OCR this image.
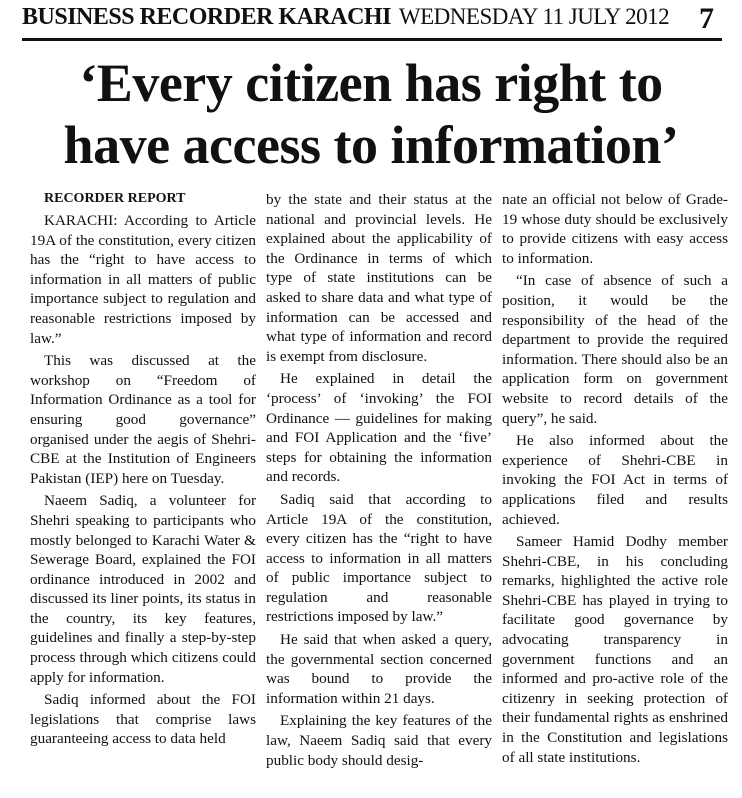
BUSINESS RECORDER KARACHI WEDNESDAY 11 JULY 2012 7
‘Every citizen has right to
have access to information’

RECORDER REPORT

KARACHI: According to Article 19A of the constitution, every citizen has the “right to have access to information in all matters of public importance subject to regulation and reasonable restrictions imposed by law.”

This was discussed at the workshop on “Freedom of Information Ordinance as a tool for ensuring good governance” organised under the aegis of Shehri-CBE at the Institution of Engineers Pakistan (IEP) here on Tuesday.

Naeem Sadiq, a volunteer for Shehri speaking to participants who mostly belonged to Karachi Water & Sewerage Board, explained the FOI ordinance introduced in 2002 and discussed its liner points, its status in the country, its key features, guidelines and finally a step-by-step process through which citizens could apply for information.

Sadiq informed about the FOI legislations that comprise laws guaranteeing access to data held

by the state and their status at the national and provincial levels. He explained about the applicability of the Ordinance in terms of which type of state institutions can be asked to share data and what type of information can be accessed and what type of information and record is exempt from disclosure.

He explained in detail the ‘process’ of ‘invoking’ the FOI Ordinance — guidelines for making and FOI Application and the ‘five’ steps for obtaining the information and records.

Sadiq said that according to Article 19A of the constitution, every citizen has the “right to have access to information in all matters of public importance subject to regulation and reasonable restrictions imposed by law.”

He said that when asked a query, the governmental section concerned was bound to provide the information within 21 days.

Explaining the key features of the law, Naeem Sadiq said that every public body should desig-

nate an official not below of Grade-19 whose duty should be exclusively to provide citizens with easy access to information.

“In case of absence of such a position, it would be the responsibility of the head of the department to provide the required information. There should also be an application form on government website to record details of the query”, he said.

He also informed about the experience of Shehri-CBE in invoking the FOI Act in terms of applications filed and results achieved.

Sameer Hamid Dodhy member Shehri-CBE, in his concluding remarks, highlighted the active role Shehri-CBE has played in trying to facilitate good governance by advocating transparency in government functions and an informed and pro-active role of the citizenry in seeking protection of their fundamental rights as enshrined in the Constitution and legislations of all state institutions.
